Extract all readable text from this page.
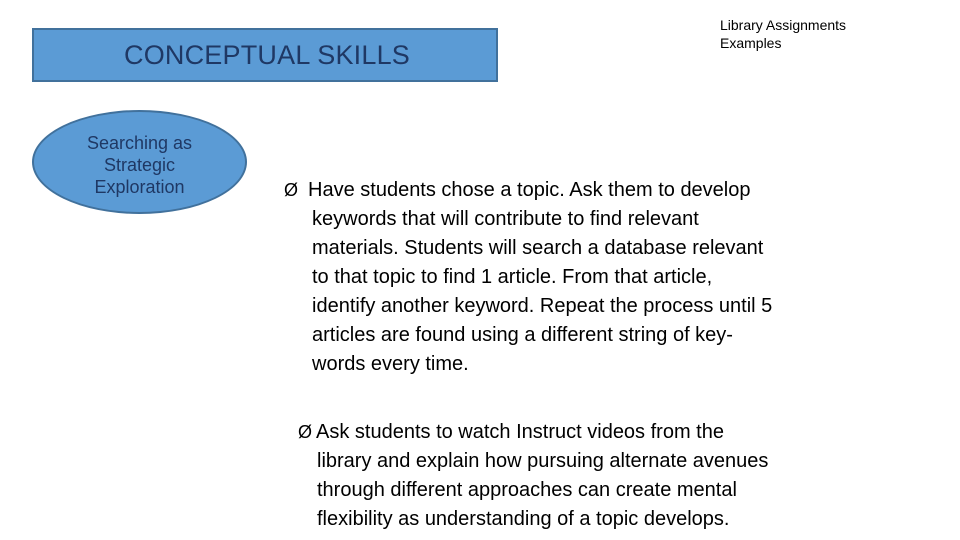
CONCEPTUAL SKILLS
Searching as
Strategic
Exploration
Library Assignments
Examples
Ø Have students chose a topic. Ask them to develop
keywords that will contribute to find relevant
materials. Students will search a database relevant
to that topic to find 1 article. From that article,
identify another keyword. Repeat the process until 5
articles are found using a different string of key-
words every time.
Ø Ask students to watch Instruct videos from the
library and explain how pursuing alternate avenues
through different approaches can create mental
flexibility as understanding of a topic develops.
